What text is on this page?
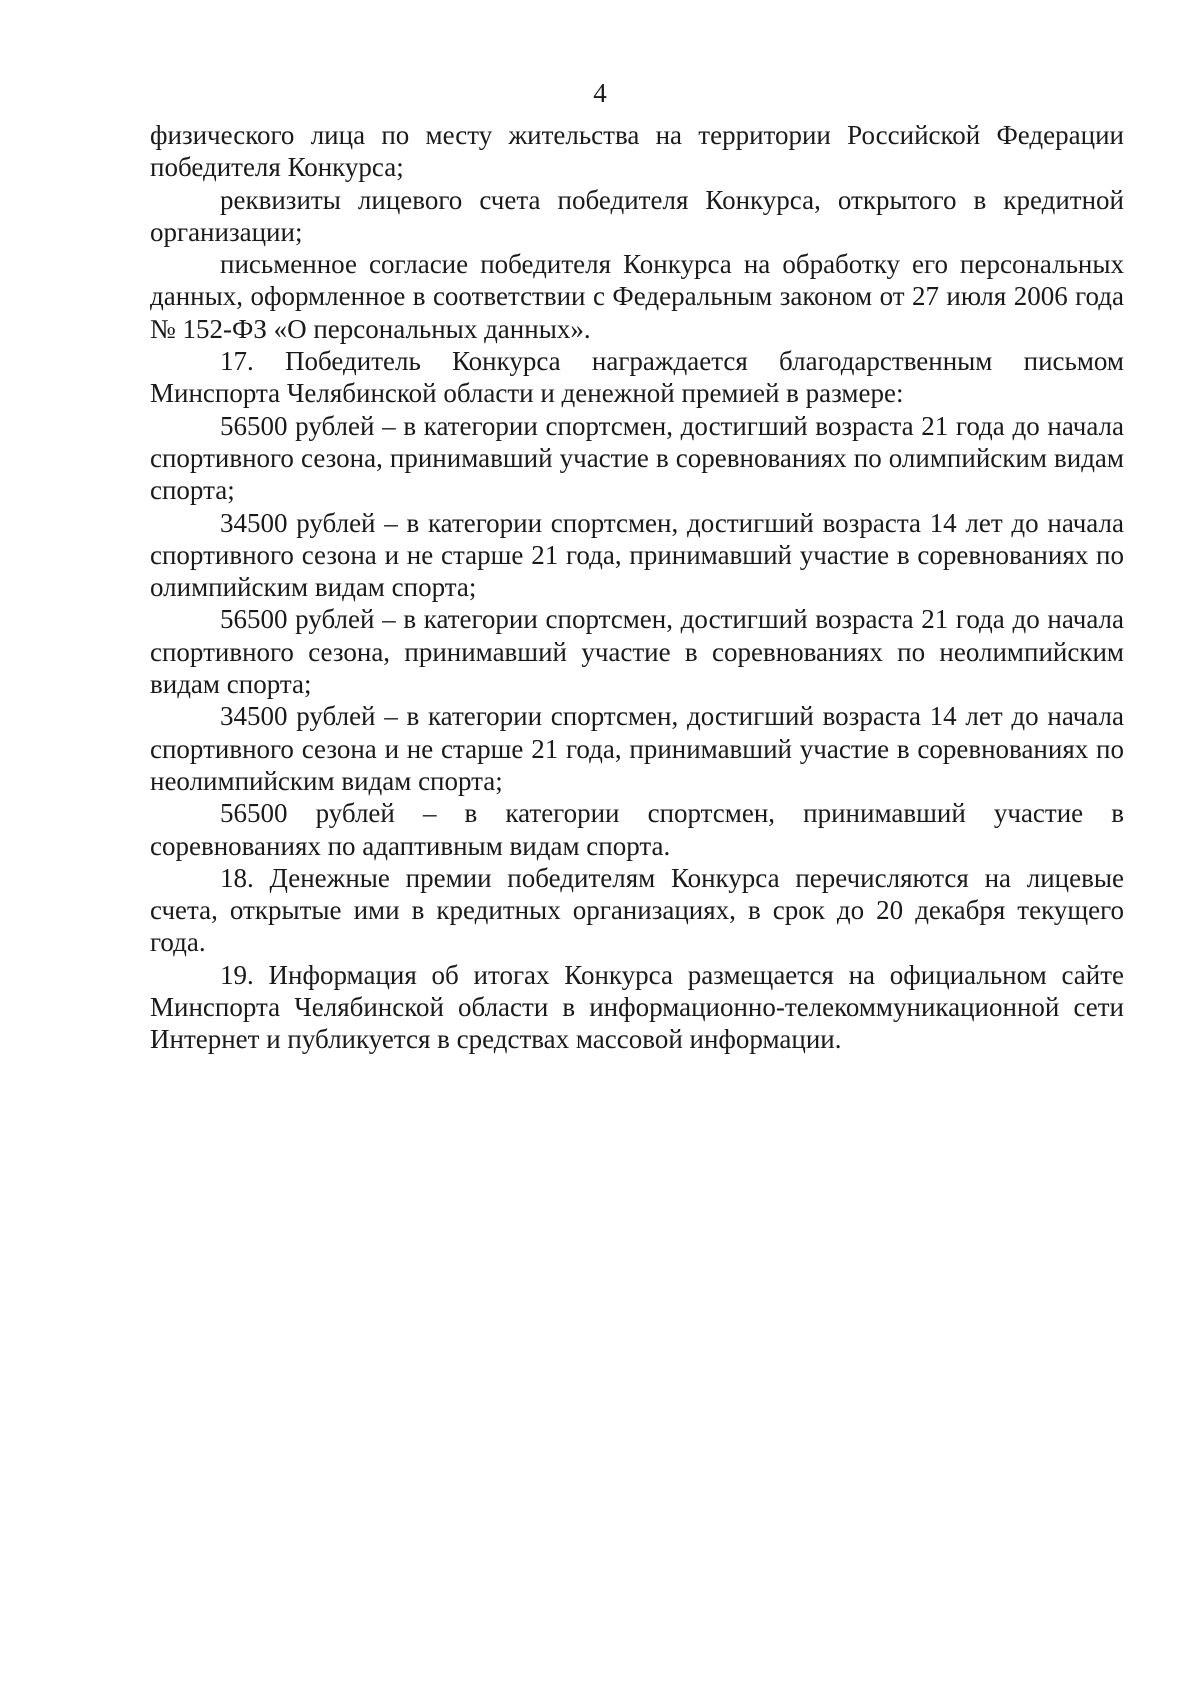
4

физического лица по месту жительства на территории Российской Федерации победителя Конкурса;

реквизиты лицевого счета победителя Конкурса, открытого в кредитной организации;

письменное согласие победителя Конкурса на обработку его персональных данных, оформленное в соответствии с Федеральным законом от 27 июля 2006 года № 152-ФЗ «О персональных данных».

17. Победитель Конкурса награждается благодарственным письмом Минспорта Челябинской области и денежной премией в размере:

56500 рублей – в категории спортсмен, достигший возраста 21 года до начала спортивного сезона, принимавший участие в соревнованиях по олимпийским видам спорта;

34500 рублей – в категории спортсмен, достигший возраста 14 лет до начала спортивного сезона и не старше 21 года, принимавший участие в соревнованиях по олимпийским видам спорта;

56500 рублей – в категории спортсмен, достигший возраста 21 года до начала спортивного сезона, принимавший участие в соревнованиях по неолимпийским видам спорта;

34500 рублей – в категории спортсмен, достигший возраста 14 лет до начала спортивного сезона и не старше 21 года, принимавший участие в соревнованиях по неолимпийским видам спорта;

56500 рублей – в категории спортсмен, принимавший участие в соревнованиях по адаптивным видам спорта.

18. Денежные премии победителям Конкурса перечисляются на лицевые счета, открытые ими в кредитных организациях, в срок до 20 декабря текущего года.

19. Информация об итогах Конкурса размещается на официальном сайте Минспорта Челябинской области в информационно-телекоммуникационной сети Интернет и публикуется в средствах массовой информации.
